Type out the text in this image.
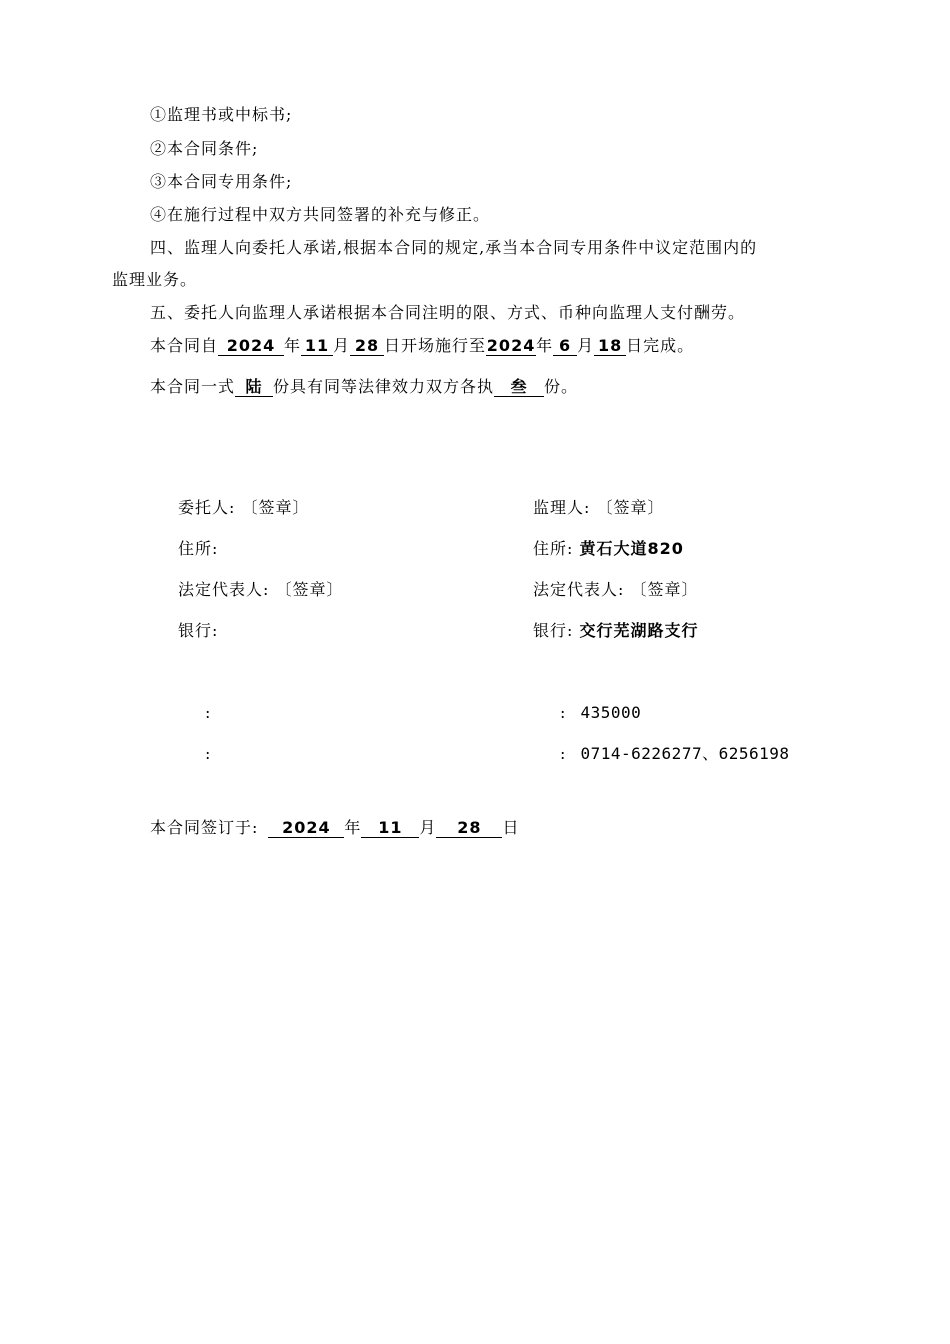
①监理书或中标书;
②本合同条件;
③本合同专用条件;
④在施行过程中双方共同签署的补充与修正。
四、监理人向委托人承诺,根据本合同的规定,承当本合同专用条件中议定范围内的
监理业务。
五、委托人向监理人承诺根据本合同注明的限、方式、币种向监理人支付酬劳。
本合同自 2024 年 11 月 28 日开场施行至2024年 6 月 18 日完成。
本合同一式 陆 份具有同等法律效力双方各执 叁 份。
委托人: 〔签章〕
住所:
法定代表人: 〔签章〕
银行:
:
:
监理人: 〔签章〕
住所: 黄石大道820
法定代表人: 〔签章〕
银行: 交行芜湖路支行
: 435000
: 0714-6226277、6256198
本合同签订于: 2024 年 11 月 28 日
